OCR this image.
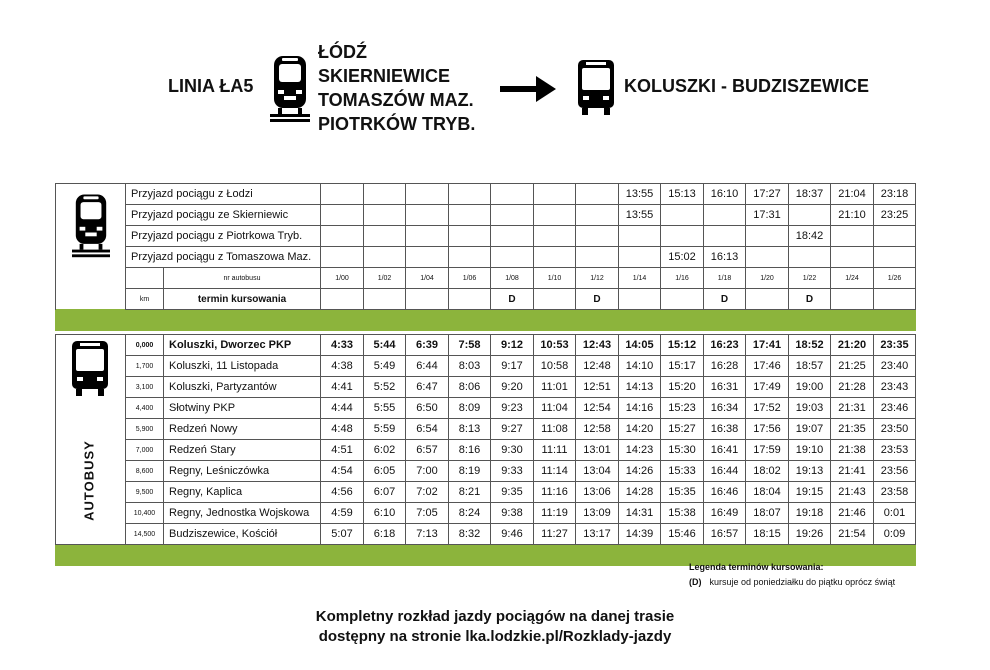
LINIA ŁA5
ŁÓDŹ
SKIERNIEWICE
TOMASZÓW MAZ.
PIOTRKÓW TRYB.
KOLUSZKI - BUDZISZEWICE
	Przyjazd pociągu z Łodzi									13:55	15:13	16:10	17:27	18:37	21:04	23:18
	Przyjazd pociągu ze Skierniewic									13:55			17:31		21:10	23:25
	Przyjazd pociągu z Piotrkowa Tryb.													18:42		
	Przyjazd pociągu z Tomaszowa Maz.										15:02	16:13				
		nr autobusu	1/00	1/02	1/04	1/06	1/08	1/10	1/12	1/14	1/16	1/18	1/20	1/22	1/24	1/26
	km	termin kursowania					D		D			D		D		

AUTOBUSY	0,000	Koluszki, Dworzec PKP	4:33	5:44	6:39	7:58	9:12	10:53	12:43	14:05	15:12	16:23	17:41	18:52	21:20	23:35
	1,700	Koluszki, 11 Listopada	4:38	5:49	6:44	8:03	9:17	10:58	12:48	14:10	15:17	16:28	17:46	18:57	21:25	23:40
	3,100	Koluszki, Partyzantów	4:41	5:52	6:47	8:06	9:20	11:01	12:51	14:13	15:20	16:31	17:49	19:00	21:28	23:43
	4,400	Słotwiny PKP	4:44	5:55	6:50	8:09	9:23	11:04	12:54	14:16	15:23	16:34	17:52	19:03	21:31	23:46
	5,900	Redzeń Nowy	4:48	5:59	6:54	8:13	9:27	11:08	12:58	14:20	15:27	16:38	17:56	19:07	21:35	23:50
	7,000	Redzeń Stary	4:51	6:02	6:57	8:16	9:30	11:11	13:01	14:23	15:30	16:41	17:59	19:10	21:38	23:53
	8,600	Regny, Leśniczówka	4:54	6:05	7:00	8:19	9:33	11:14	13:04	14:26	15:33	16:44	18:02	19:13	21:41	23:56
	9,500	Regny, Kaplica	4:56	6:07	7:02	8:21	9:35	11:16	13:06	14:28	15:35	16:46	18:04	19:15	21:43	23:58
	10,400	Regny, Jednostka Wojskowa	4:59	6:10	7:05	8:24	9:38	11:19	13:09	14:31	15:38	16:49	18:07	19:18	21:46	0:01
	14,500	Budziszewice, Kościół	5:07	6:18	7:13	8:32	9:46	11:27	13:17	14:39	15:46	16:57	18:15	19:26	21:54	0:09

Legenda terminów kursowania:
(D) kursuje od poniedziałku do piątku oprócz świąt
Kompletny rozkład jazdy pociągów na danej trasie
dostępny na stronie lka.lodzkie.pl/Rozklady-jazdy
